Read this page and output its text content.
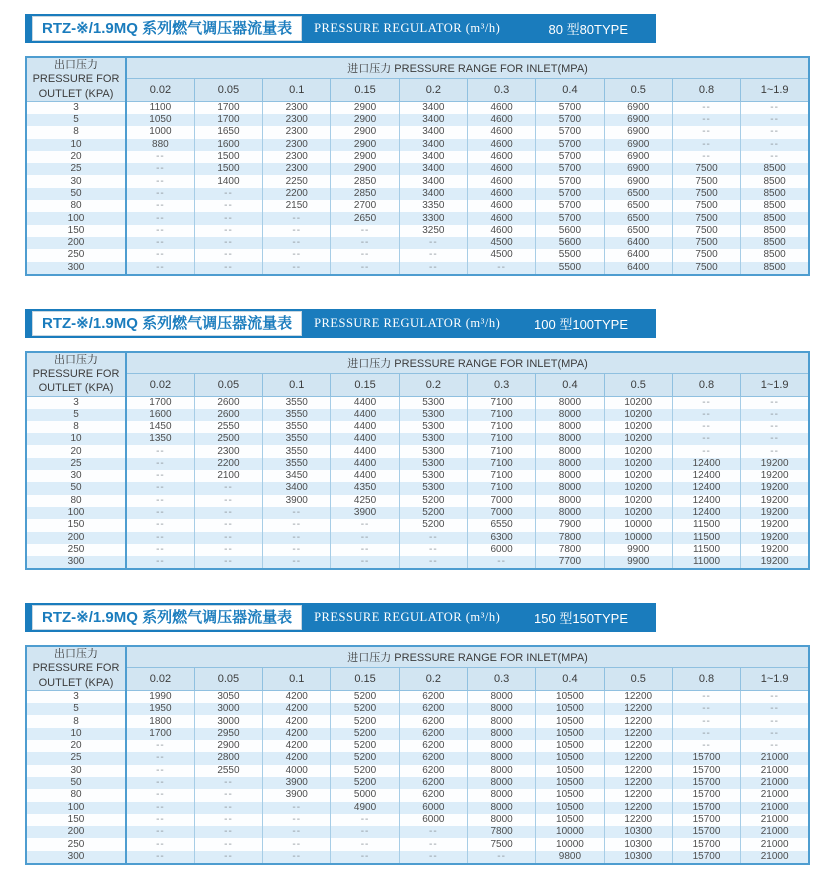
RTZ-※/1.9MQ 系列燃气调压器流量表	PRESSURE REGULATOR (m³/h)	80 型80TYPE
出口压力
PRESSURE FOR
OUTLET (KPA)	进口压力 PRESSURE RANGE FOR INLET(MPA)									
	0.02	0.05	0.1	0.15	0.2	0.3	0.4	0.5	0.8	1~1.9
3	1100	1700	2300	2900	3400	4600	5700	6900	--	--
5	1050	1700	2300	2900	3400	4600	5700	6900	--	--
8	1000	1650	2300	2900	3400	4600	5700	6900	--	--
10	880	1600	2300	2900	3400	4600	5700	6900	--	--
20	--	1500	2300	2900	3400	4600	5700	6900	--	--
25	--	1500	2300	2900	3400	4600	5700	6900	7500	8500
30	--	1400	2250	2850	3400	4600	5700	6900	7500	8500
50	--	--	2200	2850	3400	4600	5700	6500	7500	8500
80	--	--	2150	2700	3350	4600	5700	6500	7500	8500
100	--	--	--	2650	3300	4600	5700	6500	7500	8500
150	--	--	--	--	3250	4600	5600	6500	7500	8500
200	--	--	--	--	--	4500	5600	6400	7500	8500
250	--	--	--	--	--	4500	5500	6400	7500	8500
300	--	--	--	--	--	--	5500	6400	7500	8500
RTZ-※/1.9MQ 系列燃气调压器流量表	PRESSURE REGULATOR (m³/h)	100 型100TYPE
出口压力
PRESSURE FOR
OUTLET (KPA)	进口压力 PRESSURE RANGE FOR INLET(MPA)									
	0.02	0.05	0.1	0.15	0.2	0.3	0.4	0.5	0.8	1~1.9
3	1700	2600	3550	4400	5300	7100	8000	10200	--	--
5	1600	2600	3550	4400	5300	7100	8000	10200	--	--
8	1450	2550	3550	4400	5300	7100	8000	10200	--	--
10	1350	2500	3550	4400	5300	7100	8000	10200	--	--
20	--	2300	3550	4400	5300	7100	8000	10200	--	--
25	--	2200	3550	4400	5300	7100	8000	10200	12400	19200
30	--	2100	3450	4400	5300	7100	8000	10200	12400	19200
50	--	--	3400	4350	5300	7100	8000	10200	12400	19200
80	--	--	3900	4250	5200	7000	8000	10200	12400	19200
100	--	--	--	3900	5200	7000	8000	10200	12400	19200
150	--	--	--	--	5200	6550	7900	10000	11500	19200
200	--	--	--	--	--	6300	7800	10000	11500	19200
250	--	--	--	--	--	6000	7800	9900	11500	19200
300	--	--	--	--	--	--	7700	9900	11000	19200
RTZ-※/1.9MQ 系列燃气调压器流量表	PRESSURE REGULATOR (m³/h)	150 型150TYPE
出口压力
PRESSURE FOR
OUTLET (KPA)	进口压力 PRESSURE RANGE FOR INLET(MPA)									
	0.02	0.05	0.1	0.15	0.2	0.3	0.4	0.5	0.8	1~1.9
3	1990	3050	4200	5200	6200	8000	10500	12200	--	--
5	1950	3000	4200	5200	6200	8000	10500	12200	--	--
8	1800	3000	4200	5200	6200	8000	10500	12200	--	--
10	1700	2950	4200	5200	6200	8000	10500	12200	--	--
20	--	2900	4200	5200	6200	8000	10500	12200	--	--
25	--	2800	4200	5200	6200	8000	10500	12200	15700	21000
30	--	2550	4000	5200	6200	8000	10500	12200	15700	21000
50	--	--	3900	5200	6200	8000	10500	12200	15700	21000
80	--	--	3900	5000	6200	8000	10500	12200	15700	21000
100	--	--	--	4900	6000	8000	10500	12200	15700	21000
150	--	--	--	--	6000	8000	10500	12200	15700	21000
200	--	--	--	--	--	7800	10000	10300	15700	21000
250	--	--	--	--	--	7500	10000	10300	15700	21000
300	--	--	--	--	--	--	9800	10300	15700	21000
